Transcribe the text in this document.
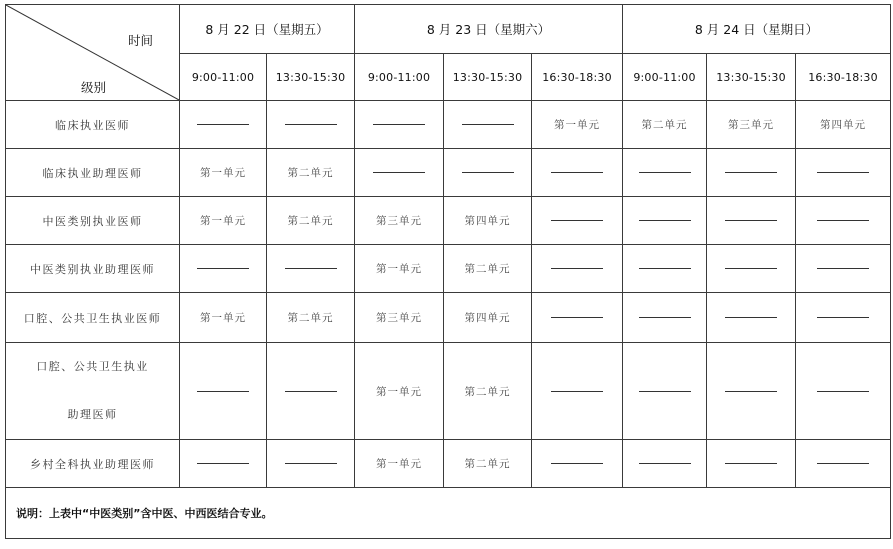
时间
级别	8 月 22 日（星期五）		8 月 23 日（星期六）			8 月 24 日（星期日）		
	9:00-11:00	13:30-15:30	9:00-11:00	13:30-15:30	16:30-18:30	9:00-11:00	13:30-15:30	16:30-18:30
临床执业医师					第一单元	第二单元	第三单元	第四单元
临床执业助理医师	第一单元	第二单元						
中医类别执业医师	第一单元	第二单元	第三单元	第四单元				
中医类别执业助理医师			第一单元	第二单元				
口腔、公共卫生执业医师	第一单元	第二单元	第三单元	第四单元				

口腔、公共卫生执业
助理医师			第一单元	第二单元				
乡村全科执业助理医师			第一单元	第二单元				
说明：上表中“中医类别”含中医、中西医结合专业。								
